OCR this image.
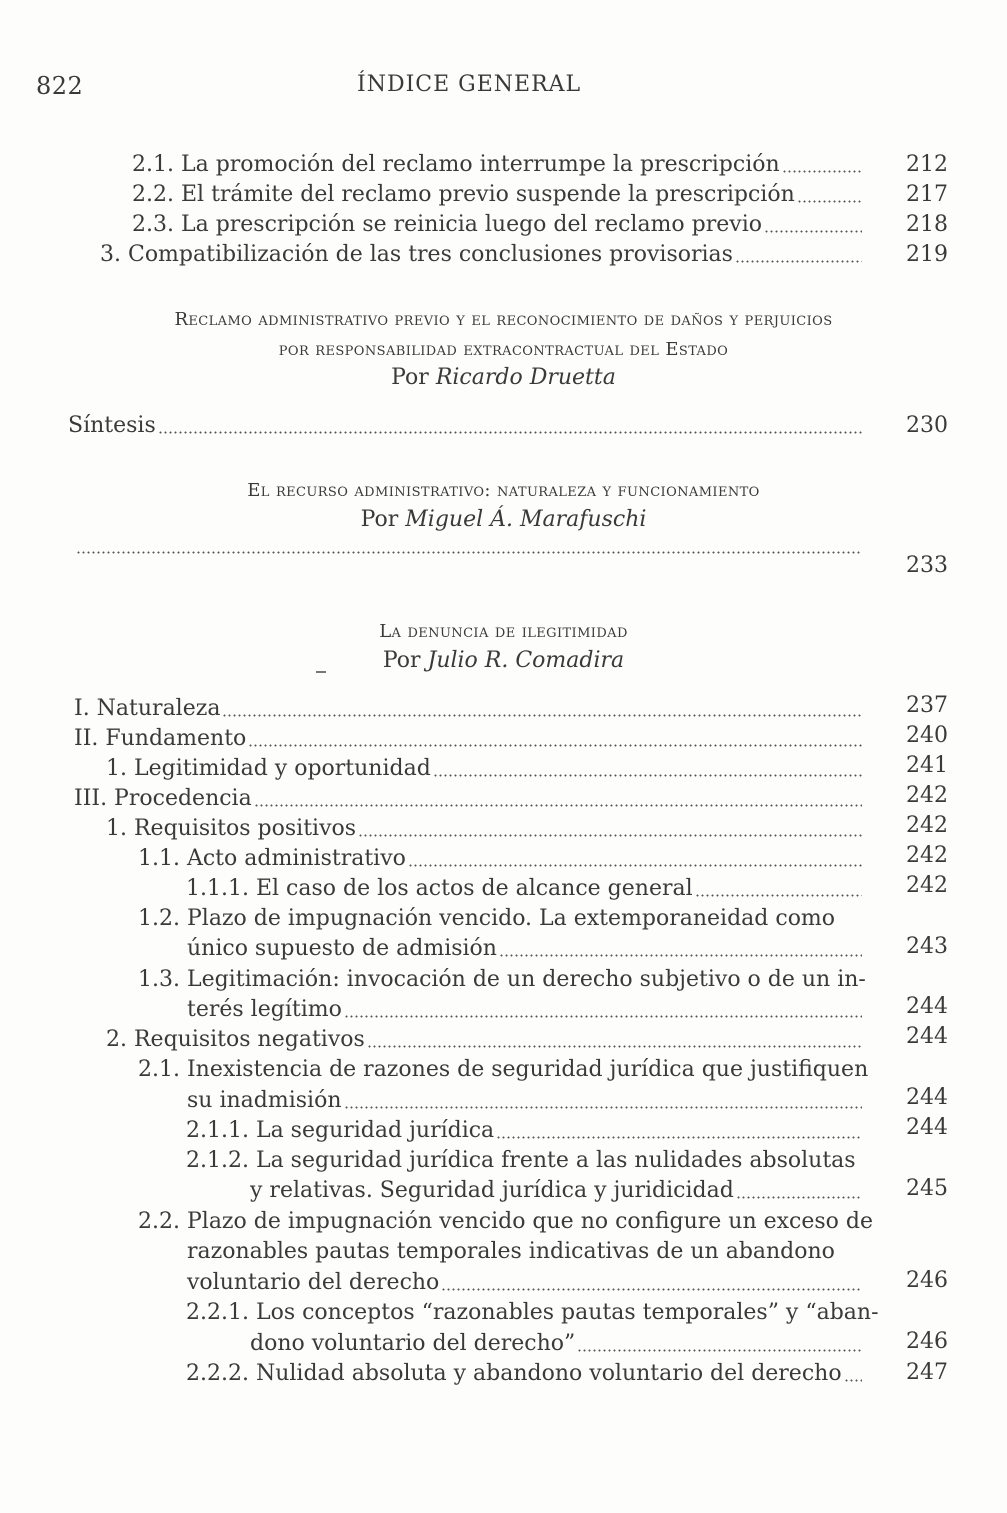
822	ÍNDICE GENERAL
2.1. La promoción del reclamo interrumpe la prescripción	212
2.2. El trámite del reclamo previo suspende la prescripción	217
2.3. La prescripción se reinicia luego del reclamo previo	218
3. Compatibilización de las tres conclusiones provisorias	219
Reclamo administrativo previo y el reconocimiento de daños y perjuicios
por responsabilidad extracontractual del Estado
Por Ricardo Druetta
Síntesis	230
El recurso administrativo: naturaleza y funcionamiento
Por Miguel Á. Marafuschi
233
La denuncia de ilegitimidad
Por Julio R. Comadira
I. Naturaleza	237
II. Fundamento	240
1. Legitimidad y oportunidad	241
III. Procedencia	242
1. Requisitos positivos	242
1.1. Acto administrativo	242
1.1.1. El caso de los actos de alcance general	242
1.2. Plazo de impugnación vencido. La extemporaneidad como
único supuesto de admisión	243
1.3. Legitimación: invocación de un derecho subjetivo o de un in-
terés legítimo	244
2. Requisitos negativos	244
2.1. Inexistencia de razones de seguridad jurídica que justifiquen
su inadmisión	244
2.1.1. La seguridad jurídica	244
2.1.2. La seguridad jurídica frente a las nulidades absolutas
y relativas. Seguridad jurídica y juridicidad	245
2.2. Plazo de impugnación vencido que no configure un exceso de
razonables pautas temporales indicativas de un abandono
voluntario del derecho	246
2.2.1. Los conceptos “razonables pautas temporales” y “aban-
dono voluntario del derecho”	246
2.2.2. Nulidad absoluta y abandono voluntario del derecho	247
